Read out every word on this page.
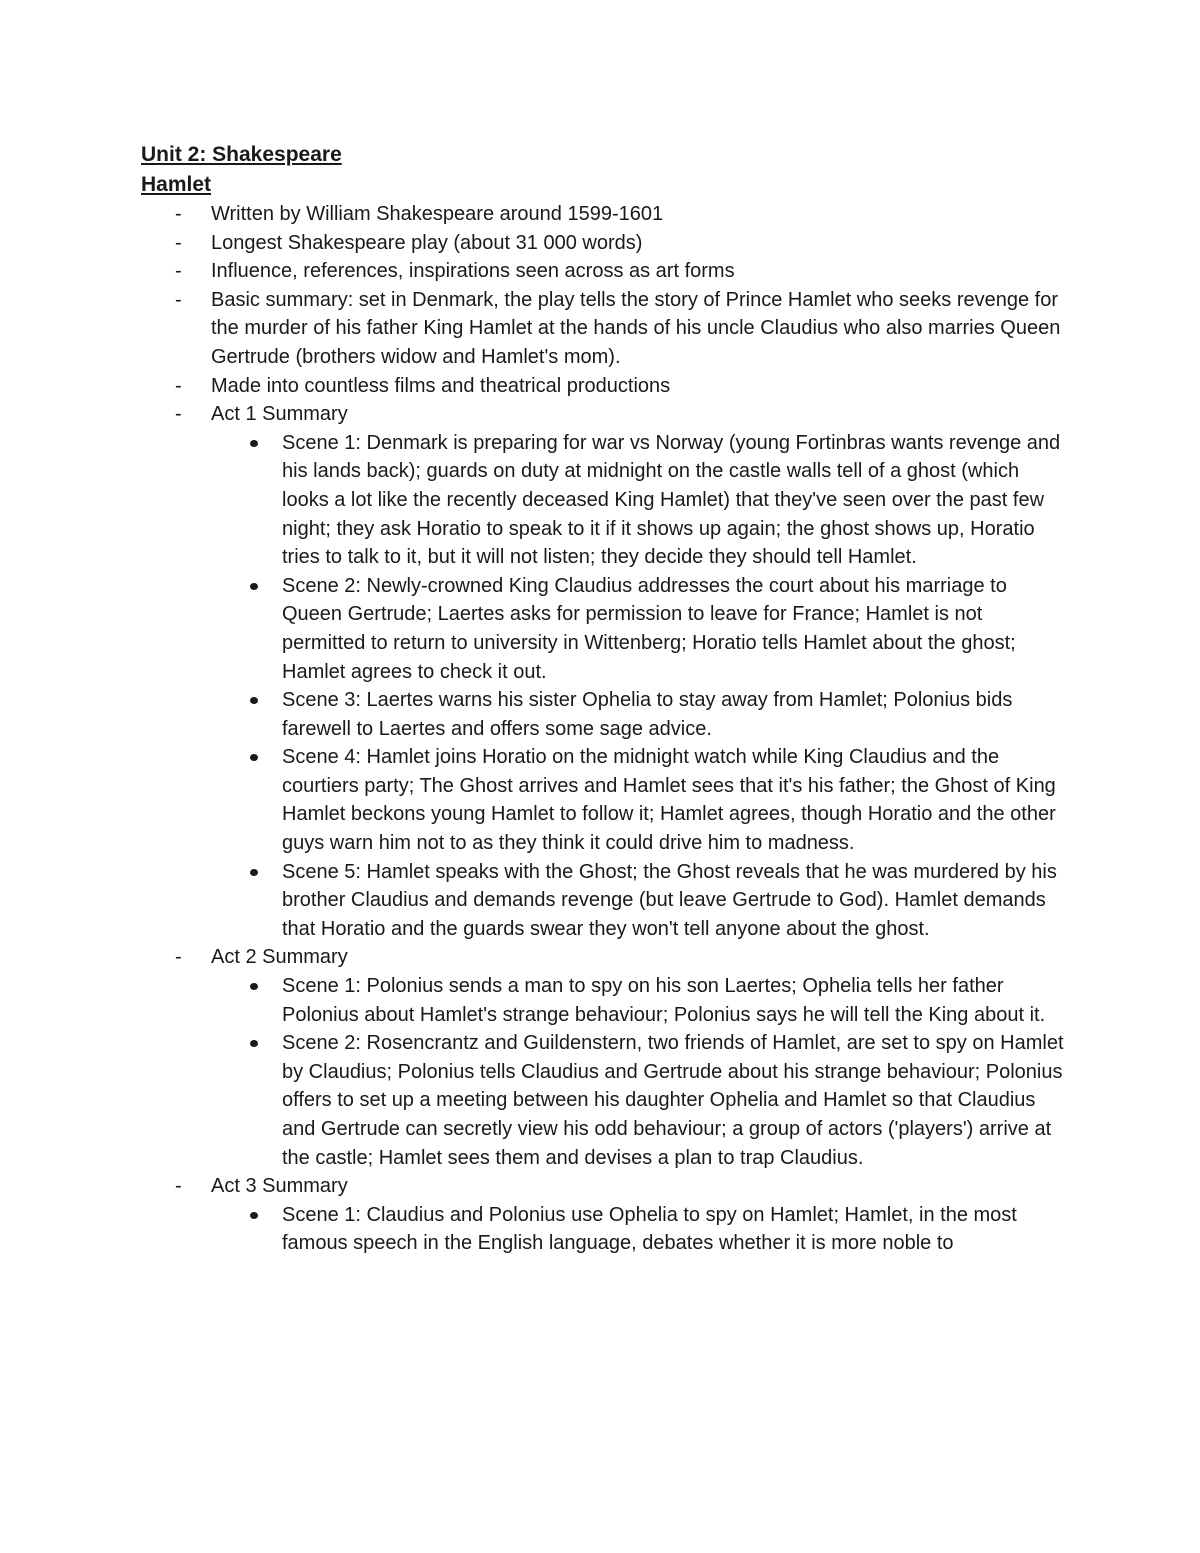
Unit 2: Shakespeare
Hamlet
- Written by William Shakespeare around 1599-1601
- Longest Shakespeare play (about 31 000 words)
- Influence, references, inspirations seen across as art forms
- Basic summary: set in Denmark, the play tells the story of Prince Hamlet who seeks revenge for the murder of his father King Hamlet at the hands of his uncle Claudius who also marries Queen Gertrude (brothers widow and Hamlet's mom).
- Made into countless films and theatrical productions
- Act 1 Summary
Scene 1: Denmark is preparing for war vs Norway (young Fortinbras wants revenge and his lands back); guards on duty at midnight on the castle walls tell of a ghost (which looks a lot like the recently deceased King Hamlet) that they've seen over the past few night; they ask Horatio to speak to it if it shows up again; the ghost shows up, Horatio tries to talk to it, but it will not listen; they decide they should tell Hamlet.
Scene 2: Newly-crowned King Claudius addresses the court about his marriage to Queen Gertrude; Laertes asks for permission to leave for France; Hamlet is not permitted to return to university in Wittenberg; Horatio tells Hamlet about the ghost; Hamlet agrees to check it out.
Scene 3: Laertes warns his sister Ophelia to stay away from Hamlet; Polonius bids farewell to Laertes and offers some sage advice.
Scene 4: Hamlet joins Horatio on the midnight watch while King Claudius and the courtiers party; The Ghost arrives and Hamlet sees that it's his father; the Ghost of King Hamlet beckons young Hamlet to follow it; Hamlet agrees, though Horatio and the other guys warn him not to as they think it could drive him to madness.
Scene 5: Hamlet speaks with the Ghost; the Ghost reveals that he was murdered by his brother Claudius and demands revenge (but leave Gertrude to God). Hamlet demands that Horatio and the guards swear they won't tell anyone about the ghost.
- Act 2 Summary
Scene 1: Polonius sends a man to spy on his son Laertes; Ophelia tells her father Polonius about Hamlet's strange behaviour; Polonius says he will tell the King about it.
Scene 2: Rosencrantz and Guildenstern, two friends of Hamlet, are set to spy on Hamlet by Claudius; Polonius tells Claudius and Gertrude about his strange behaviour; Polonius offers to set up a meeting between his daughter Ophelia and Hamlet so that Claudius and Gertrude can secretly view his odd behaviour; a group of actors ('players') arrive at the castle; Hamlet sees them and devises a plan to trap Claudius.
- Act 3 Summary
Scene 1: Claudius and Polonius use Ophelia to spy on Hamlet; Hamlet, in the most famous speech in the English language, debates whether it is more noble to
